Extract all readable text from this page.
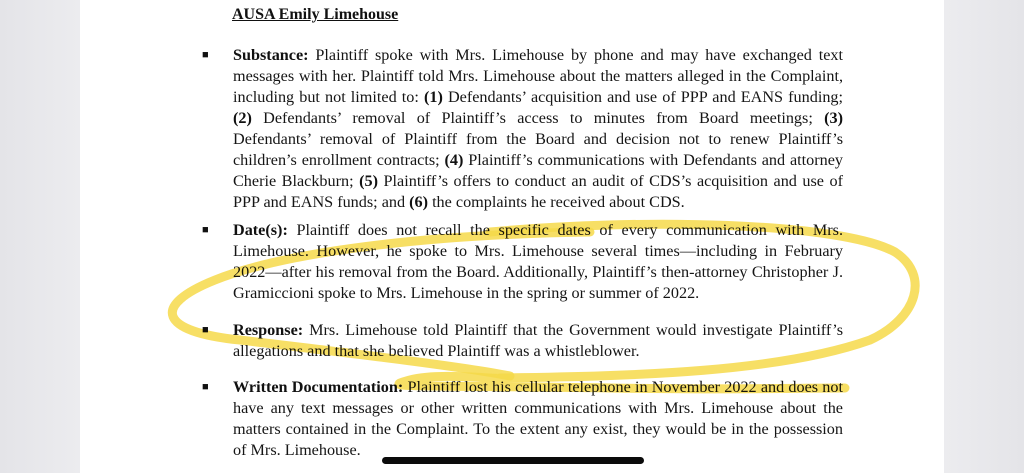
AUSA Emily Limehouse
■ Substance: Plaintiff spoke with Mrs. Limehouse by phone and may have exchanged text messages with her. Plaintiff told Mrs. Limehouse about the matters alleged in the Complaint, including but not limited to: (1) Defendants’ acquisition and use of PPP and EANS funding; (2) Defendants’ removal of Plaintiff’s access to minutes from Board meetings; (3) Defendants’ removal of Plaintiff from the Board and decision not to renew Plaintiff’s children’s enrollment contracts; (4) Plaintiff’s communications with Defendants and attorney Cherie Blackburn; (5) Plaintiff’s offers to conduct an audit of CDS’s acquisition and use of PPP and EANS funds; and (6) the complaints he received about CDS.

■ Date(s): Plaintiff does not recall the specific dates of every communication with Mrs. Limehouse. However, he spoke to Mrs. Limehouse several times—including in February 2022—after his removal from the Board. Additionally, Plaintiff’s then-attorney Christopher J. Gramiccioni spoke to Mrs. Limehouse in the spring or summer of 2022.

■ Response: Mrs. Limehouse told Plaintiff that the Government would investigate Plaintiff’s allegations and that she believed Plaintiff was a whistleblower.

■ Written Documentation: Plaintiff lost his cellular telephone in November 2022 and does not have any text messages or other written communications with Mrs. Limehouse about the matters contained in the Complaint. To the extent any exist, they would be in the possession of Mrs. Limehouse.
